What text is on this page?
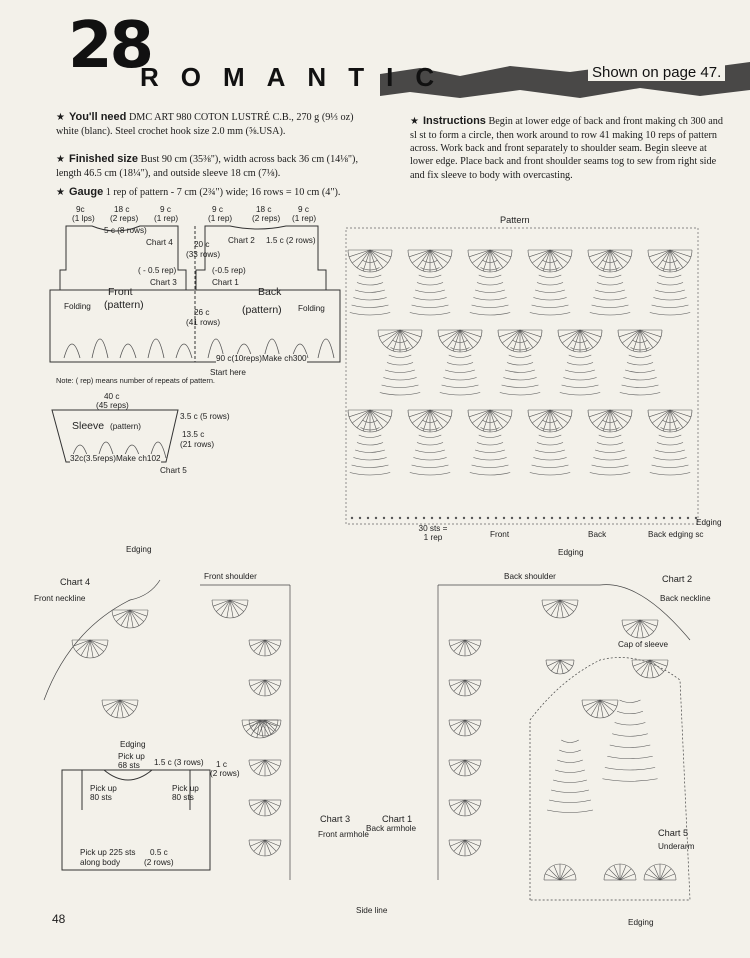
28
ROMANTIC	Shown on page 47.
★ You'll need DMC ART 980 COTON LUSTRÉ C.B., 270 g (9⅓ oz) white (blanc). Steel crochet hook size 2.0 mm (⅝.USA).
★ Finished size Bust 90 cm (35⅜"), width across back 36 cm (14⅛"), length 46.5 cm (18¼"), and outside sleeve 18 cm (7⅛).
★ Gauge 1 rep of pattern - 7 cm (2¾") wide; 16 rows = 10 cm (4").
★ Instructions Begin at lower edge of back and front making ch 300 and sl st to form a circle, then work around to row 41 making 10 reps of pattern across. Work back and front separately to shoulder seam. Begin sleeve at lower edge. Place back and front shoulder seams tog to sew from right side and fix sleeve to body with overcasting.
9c
(1 lps)
18 c
(2 reps)
9 c
(1 rep)
9 c
(1 rep)
18 c
(2 reps)
9 c
(1 rep)
5 c (8 rows)
1.5 c (2 rows)
Chart 4	Chart 2
20 c
(33 rows)
( - 0.5 rep)	(-0.5 rep)
Chart 3	Chart 1
Front
(pattern)
Back
(pattern)
Folding	Folding
26 c
(41 rows)
90 c(10reps)Make ch300
Start here
Note: ( rep) means number of repeats of pattern.
40 c
(45 reps)
Sleeve (pattern)
3.5 c (5 rows)
13.5 c
(21 rows)
32c(3.5reps)Make ch102
Chart 5
Pattern
30 sts = 1 rep	Front	Back	Back edging sc
Edging
Chart 4
Edging
Front neckline
Front shoulder	Chart 2
Edging
Back neckline
Back shoulder
Cap of sleeve
Chart 3	Chart 1
Front armhole
Back armhole
Side line
Chart 5
Underarm
Edging
Edging
Pick up
68 sts 1.5 c (3 rows) 1 c
(2 rows)
Pick up
80 sts
Pick up
80 sts
Pick up 225 sts
along body
0.5 c
(2 rows)
48
